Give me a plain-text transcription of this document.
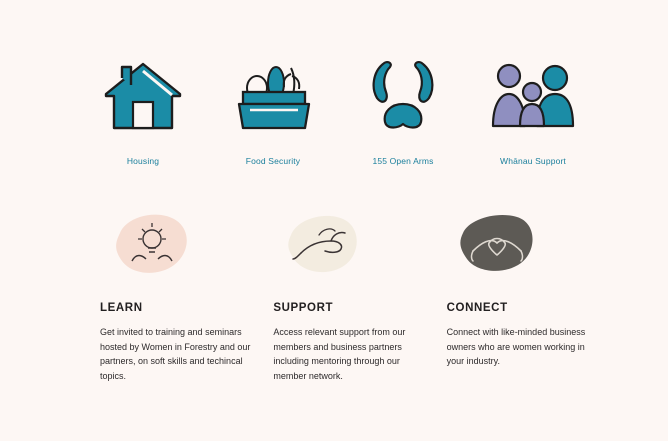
Housing	Food Security	155 Open Arms	Whānau Support
LEARN
Get invited to training and seminars hosted by Women in Forestry and our partners, on soft skills and techincal topics.
SUPPORT
Access relevant support from our members and business partners including mentoring through our member network.
CONNECT
Connect with like-minded business owners who are women working in your industry.
